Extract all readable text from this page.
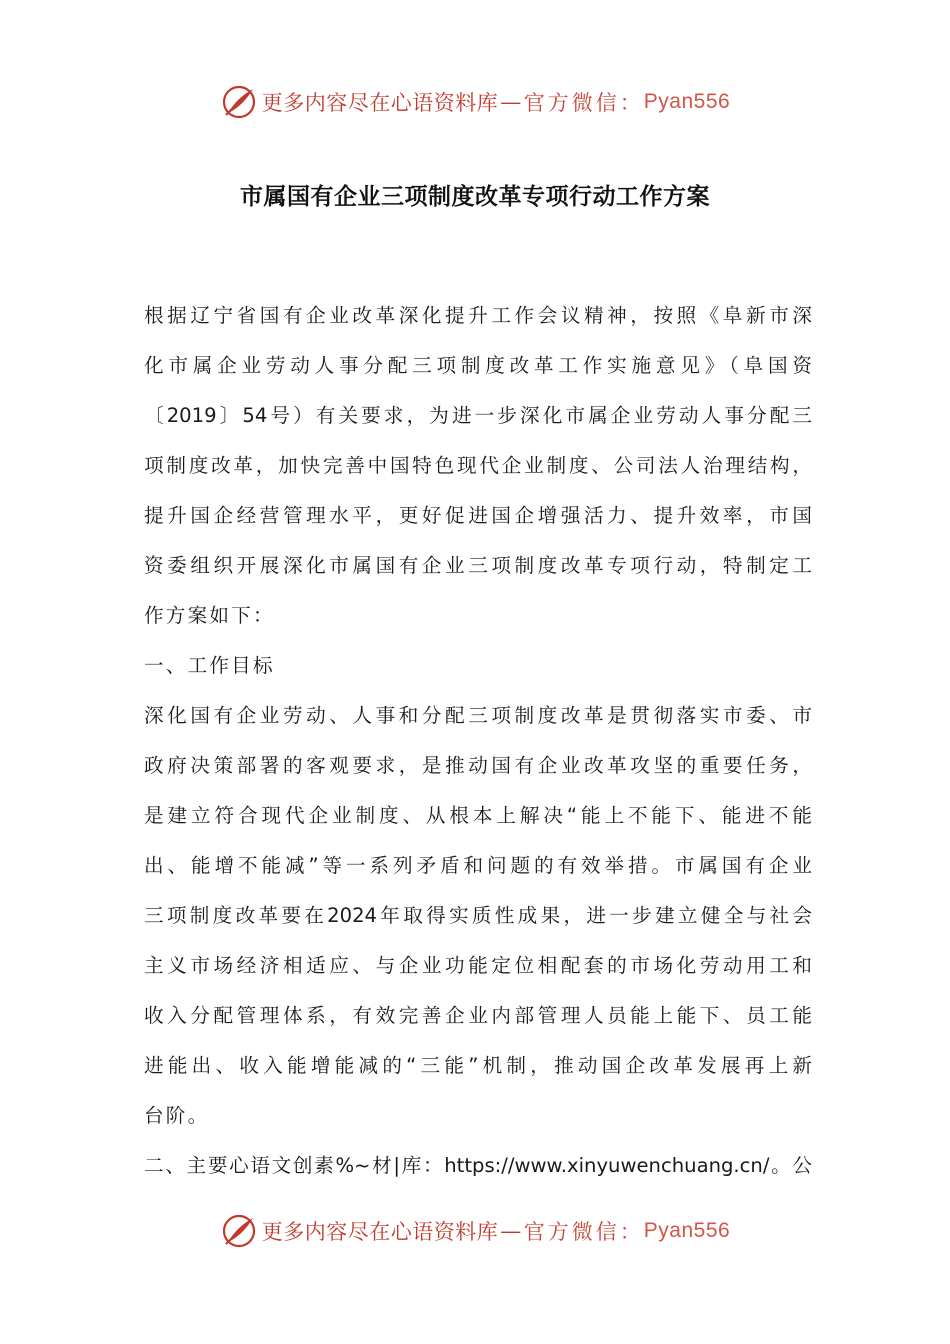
更多内容尽在心语资料库 — 官方微信： Pyan556
市属国有企业三项制度改革专项行动工作方案
根据辽宁省国有企业改革深化提升工作会议精神，按照《阜新市深
化市属企业劳动人事分配三项制度改革工作实施意见》（阜国资
〔2019〕54号）有关要求，为进一步深化市属企业劳动人事分配三
项制度改革，加快完善中国特色现代企业制度、公司法人治理结构，
提升国企经营管理水平，更好促进国企增强活力、提升效率，市国
资委组织开展深化市属国有企业三项制度改革专项行动，特制定工
作方案如下：
一、工作目标
深化国有企业劳动、人事和分配三项制度改革是贯彻落实市委、市
政府决策部署的客观要求，是推动国有企业改革攻坚的重要任务，
是建立符合现代企业制度、从根本上解决“能上不能下、能进不能
出、能增不能减”等一系列矛盾和问题的有效举措。市属国有企业
三项制度改革要在2024年取得实质性成果，进一步建立健全与社会
主义市场经济相适应、与企业功能定位相配套的市场化劳动用工和
收入分配管理体系，有效完善企业内部管理人员能上能下、员工能
进能出、收入能增能减的“三能”机制，推动国企改革发展再上新
台阶。
二、主要心语文创素%~材|库：https://www.xinyuwenchuang.cn/。公
更多内容尽在心语资料库 — 官方微信： Pyan556
